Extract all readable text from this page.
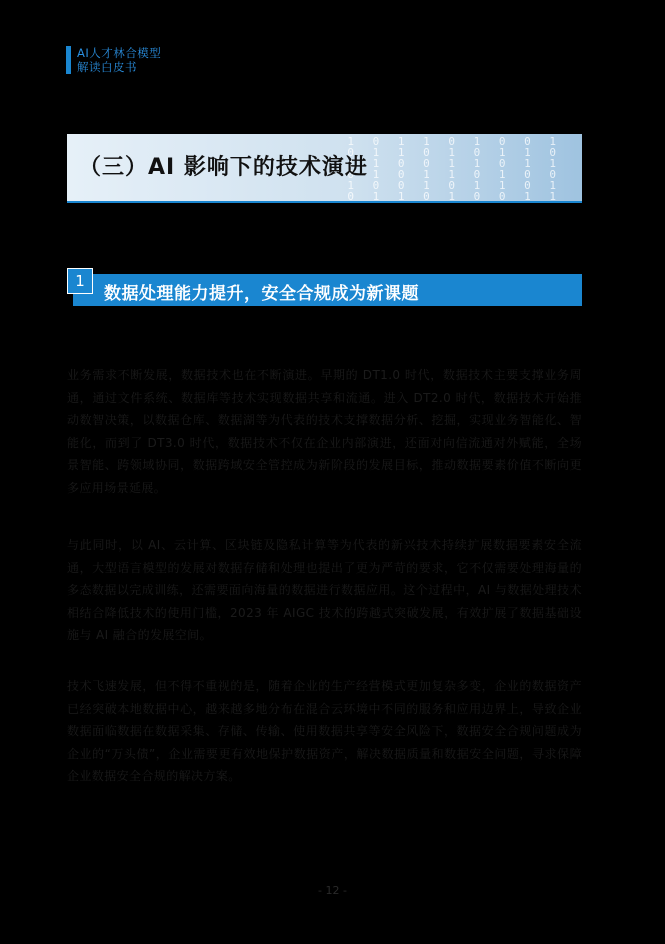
AI人才林合模型
解读白皮书
1 0 1 1 0 1 0 0 1
0 1 1 0 1 0 1 1 0
1 1 0 0 1 1 0 1 1
0 1 0 1 1 0 1 0 0
1 0 0 1 0 1 1 0 1
0 1 1 0 1 0 0 1 1
（三）AI 影响下的技术演进
1
数据处理能力提升，安全合规成为新课题

业务需求不断发展，数据技术也在不断演进。早期的 DT1.0 时代，数据技术主要支撑业务周通，通过文件系统、数据库等技术实现数据共享和流通。进入 DT2.0 时代，数据技术开始推动数智决策，以数据仓库、数据湖等为代表的技术支撑数据分析、挖掘，实现业务智能化、智能化，而到了 DT3.0 时代，数据技术不仅在企业内部演进，还面对向信流通对外赋能，全场景智能、跨领域协同，数据跨域安全管控成为新阶段的发展目标，推动数据要素价值不断向更多应用场景延展。

与此同时，以 AI、云计算、区块链及隐私计算等为代表的新兴技术持续扩展数据要素安全流通，大型语言模型的发展对数据存储和处理也提出了更为严苛的要求，它不仅需要处理海量的多态数据以完成训练，还需要面向海量的数据进行数据应用。这个过程中，AI 与数据处理技术相结合降低技术的使用门槛，2023 年 AIGC 技术的跨越式突破发展，有效扩展了数据基础设施与 AI 融合的发展空间。

技术飞速发展，但不得不重视的是，随着企业的生产经营模式更加复杂多变，企业的数据资产已经突破本地数据中心，越来越多地分布在混合云环境中不同的服务和应用边界上，导致企业数据面临数据在数据采集、存储、传输、使用数据共享等安全风险下，数据安全合规问题成为企业的“万头债”，企业需要更有效地保护数据资产，解决数据质量和数据安全问题，寻求保障企业数据安全合规的解决方案。

- 12 -
